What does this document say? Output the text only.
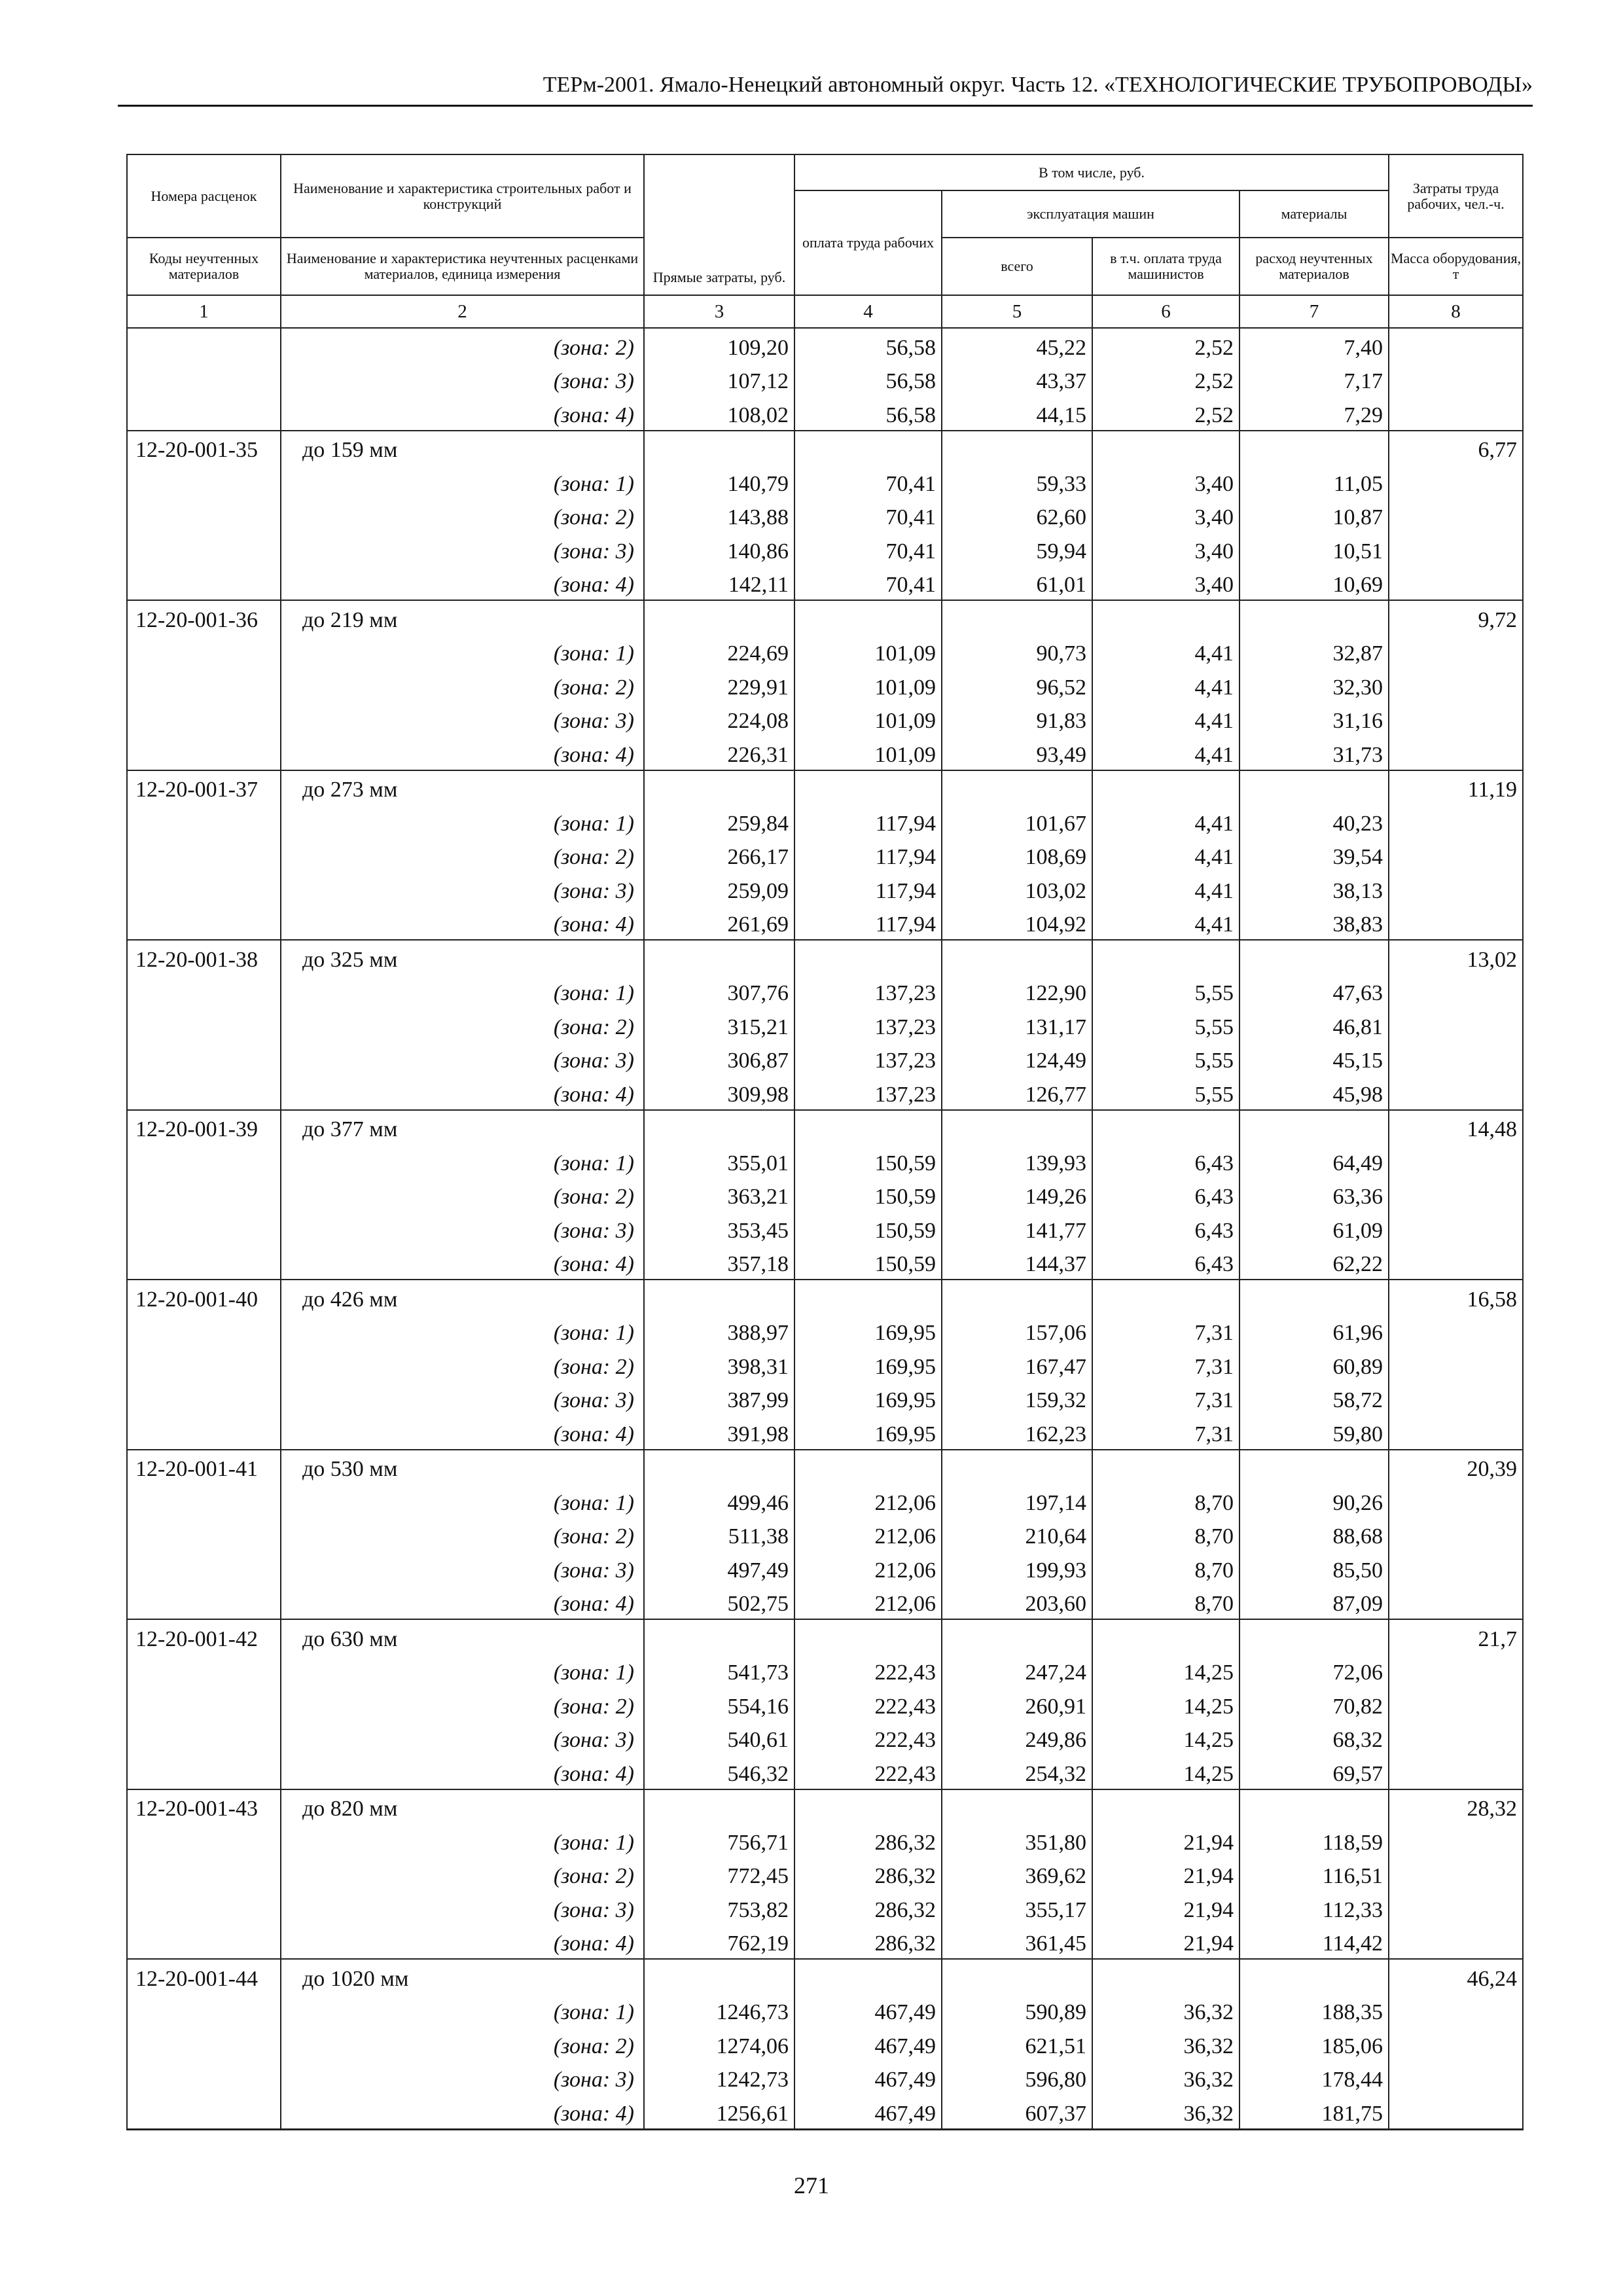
ТЕРм-2001. Ямало-Ненецкий автономный округ. Часть 12. «ТЕХНОЛОГИЧЕСКИЕ ТРУБОПРОВОДЫ»
Номера расценок	Наименование и характеристика строительных работ и конструкций	Прямые затраты, руб.	В том числе, руб.				Затраты труда рабочих, чел.-ч.
			оплата труда рабочих	эксплуатация машин		материалы	
Коды неучтенных материалов	Наименование и характеристика неучтенных расценками материалов, единица измерения			всего	в т.ч. оплата труда машинистов	расход неучтенных материалов	Масса оборудования, т
1	2	3	4	5	6	7	8
	(зона: 2)	109,20	56,58	45,22	2,52	7,40	
	(зона: 3)	107,12	56,58	43,37	2,52	7,17	
	(зона: 4)	108,02	56,58	44,15	2,52	7,29	
12-20-001-35	до 159 мм						6,77
	(зона: 1)	140,79	70,41	59,33	3,40	11,05	
	(зона: 2)	143,88	70,41	62,60	3,40	10,87	
	(зона: 3)	140,86	70,41	59,94	3,40	10,51	
	(зона: 4)	142,11	70,41	61,01	3,40	10,69	
12-20-001-36	до 219 мм						9,72
	(зона: 1)	224,69	101,09	90,73	4,41	32,87	
	(зона: 2)	229,91	101,09	96,52	4,41	32,30	
	(зона: 3)	224,08	101,09	91,83	4,41	31,16	
	(зона: 4)	226,31	101,09	93,49	4,41	31,73	
12-20-001-37	до 273 мм						11,19
	(зона: 1)	259,84	117,94	101,67	4,41	40,23	
	(зона: 2)	266,17	117,94	108,69	4,41	39,54	
	(зона: 3)	259,09	117,94	103,02	4,41	38,13	
	(зона: 4)	261,69	117,94	104,92	4,41	38,83	
12-20-001-38	до 325 мм						13,02
	(зона: 1)	307,76	137,23	122,90	5,55	47,63	
	(зона: 2)	315,21	137,23	131,17	5,55	46,81	
	(зона: 3)	306,87	137,23	124,49	5,55	45,15	
	(зона: 4)	309,98	137,23	126,77	5,55	45,98	
12-20-001-39	до 377 мм						14,48
	(зона: 1)	355,01	150,59	139,93	6,43	64,49	
	(зона: 2)	363,21	150,59	149,26	6,43	63,36	
	(зона: 3)	353,45	150,59	141,77	6,43	61,09	
	(зона: 4)	357,18	150,59	144,37	6,43	62,22	
12-20-001-40	до 426 мм						16,58
	(зона: 1)	388,97	169,95	157,06	7,31	61,96	
	(зона: 2)	398,31	169,95	167,47	7,31	60,89	
	(зона: 3)	387,99	169,95	159,32	7,31	58,72	
	(зона: 4)	391,98	169,95	162,23	7,31	59,80	
12-20-001-41	до 530 мм						20,39
	(зона: 1)	499,46	212,06	197,14	8,70	90,26	
	(зона: 2)	511,38	212,06	210,64	8,70	88,68	
	(зона: 3)	497,49	212,06	199,93	8,70	85,50	
	(зона: 4)	502,75	212,06	203,60	8,70	87,09	
12-20-001-42	до 630 мм						21,7
	(зона: 1)	541,73	222,43	247,24	14,25	72,06	
	(зона: 2)	554,16	222,43	260,91	14,25	70,82	
	(зона: 3)	540,61	222,43	249,86	14,25	68,32	
	(зона: 4)	546,32	222,43	254,32	14,25	69,57	
12-20-001-43	до 820 мм						28,32
	(зона: 1)	756,71	286,32	351,80	21,94	118,59	
	(зона: 2)	772,45	286,32	369,62	21,94	116,51	
	(зона: 3)	753,82	286,32	355,17	21,94	112,33	
	(зона: 4)	762,19	286,32	361,45	21,94	114,42	
12-20-001-44	до 1020 мм						46,24
	(зона: 1)	1246,73	467,49	590,89	36,32	188,35	
	(зона: 2)	1274,06	467,49	621,51	36,32	185,06	
	(зона: 3)	1242,73	467,49	596,80	36,32	178,44	
	(зона: 4)	1256,61	467,49	607,37	36,32	181,75	
271
